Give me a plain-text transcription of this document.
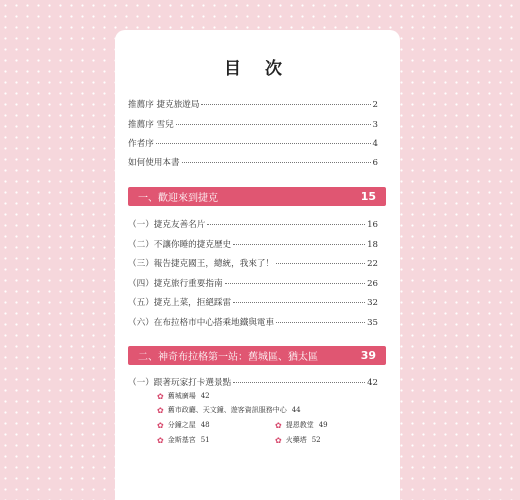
目 次
推薦序 捷克旅遊局	2
推薦序 雪兒	3
作者序	4
如何使用本書	6
一、歡迎來到捷克	15
（一）捷克友善名片	16
（二）不讓你睡的捷克歷史	18
（三）報告捷克國王，總統，我來了！	22
（四）捷克旅行重要指南	26
（五）捷克上菜，拒絕踩雷	32
（六）在布拉格市中心搭乘地鐵與電車	35
二、神奇布拉格第一站：舊城區、猶太區	39
（一）跟著玩家打卡選景點	42
✿ 舊城廣場 42
✿ 舊市政廳、天文鐘、遊客資訊服務中心 44
✿ 分鐘之屋 48	✿ 提恩教堂 49
✿ 金斯基宮 51	✿ 火藥塔 52
